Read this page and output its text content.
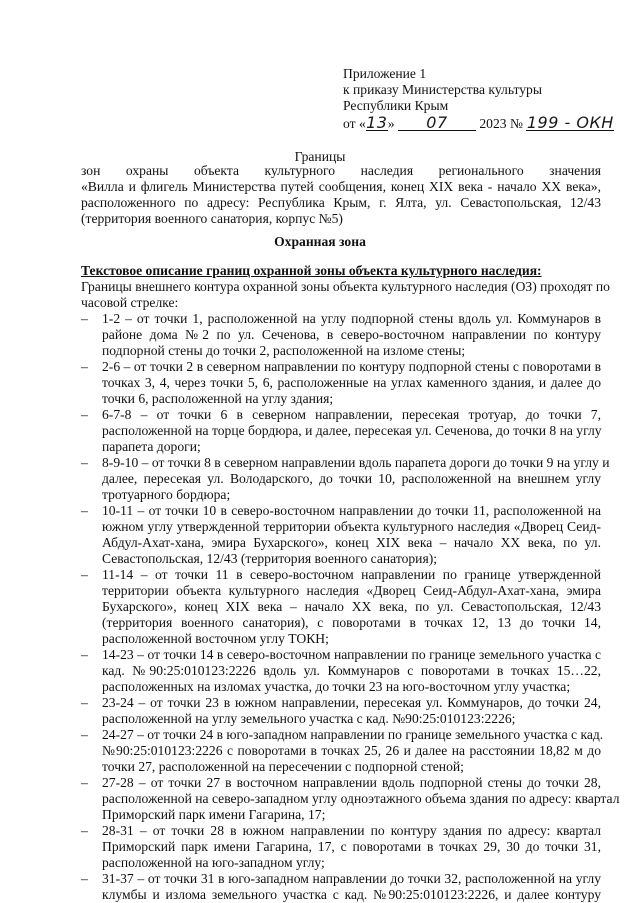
Приложение 1
к приказу Министерства культуры
Республики Крым
от «13» 07 2023 № 199 - ОКН
Границы
зон охраны объекта культурного наследия регионального значения
«Вилла и флигель Министерства путей сообщения, конец XIX века - начало XX века»,
расположенного по адресу: Республика Крым, г. Ялта, ул. Севастопольская, 12/43
(территория военного санатория, корпус №5)
Охранная зона
Текстовое описание границ охранной зоны объекта культурного наследия:
Границы внешнего контура охранной зоны объекта культурного наследия (ОЗ) проходят по
часовой стрелке:
–	1-2 – от точки 1, расположенной на углу подпорной стены вдоль ул. Коммунаров в
районе дома №2 по ул. Сеченова, в северо-восточном направлении по контуру
подпорной стены до точки 2, расположенной на изломе стены;
–	2-6 – от точки 2 в северном направлении по контуру подпорной стены с поворотами в
точках 3, 4, через точки 5, 6, расположенные на углах каменного здания, и далее до
точки 6, расположенной на углу здания;
–	6-7-8 – от точки 6 в северном направлении, пересекая тротуар, до точки 7,
расположенной на торце бордюра, и далее, пересекая ул. Сеченова, до точки 8 на углу
парапета дороги;
–	8-9-10 – от точки 8 в северном направлении вдоль парапета дороги до точки 9 на углу и
далее, пересекая ул. Володарского, до точки 10, расположенной на внешнем углу
тротуарного бордюра;
–	10-11 – от точки 10 в северо-восточном направлении до точки 11, расположенной на
южном углу утвержденной территории объекта культурного наследия «Дворец Сеид-
Абдул-Ахат-хана, эмира Бухарского», конец XIX века – начало XX века, по ул.
Севастопольская, 12/43 (территория военного санатория);
–	11-14 – от точки 11 в северо-восточном направлении по границе утвержденной
территории объекта культурного наследия «Дворец Сеид-Абдул-Ахат-хана, эмира
Бухарского», конец XIX века – начало XX века, по ул. Севастопольская, 12/43
(территория военного санатория), с поворотами в точках 12, 13 до точки 14,
расположенной восточном углу ТОКН;
–	14-23 – от точки 14 в северо-восточном направлении по границе земельного участка с
кад. №90:25:010123:2226 вдоль ул. Коммунаров с поворотами в точках 15…22,
расположенных на изломах участка, до точки 23 на юго-восточном углу участка;
–	23-24 – от точки 23 в южном направлении, пересекая ул. Коммунаров, до точки 24,
расположенной на углу земельного участка с кад. №90:25:010123:2226;
–	24-27 – от точки 24 в юго-западном направлении по границе земельного участка с кад.
№90:25:010123:2226 с поворотами в точках 25, 26 и далее на расстоянии 18,82 м до
точки 27, расположенной на пересечении с подпорной стеной;
–	27-28 – от точки 27 в восточном направлении вдоль подпорной стены до точки 28,
расположенной на северо-западном углу одноэтажного объема здания по адресу: квартал
Приморский парк имени Гагарина, 17;
–	28-31 – от точки 28 в южном направлении по контуру здания по адресу: квартал
Приморский парк имени Гагарина, 17, с поворотами в точках 29, 30 до точки 31,
расположенной на юго-западном углу;
–	31-37 – от точки 31 в юго-западном направлении до точки 32, расположенной на углу
клумбы и излома земельного участка с кад. №90:25:010123:2226, и далее контуру
